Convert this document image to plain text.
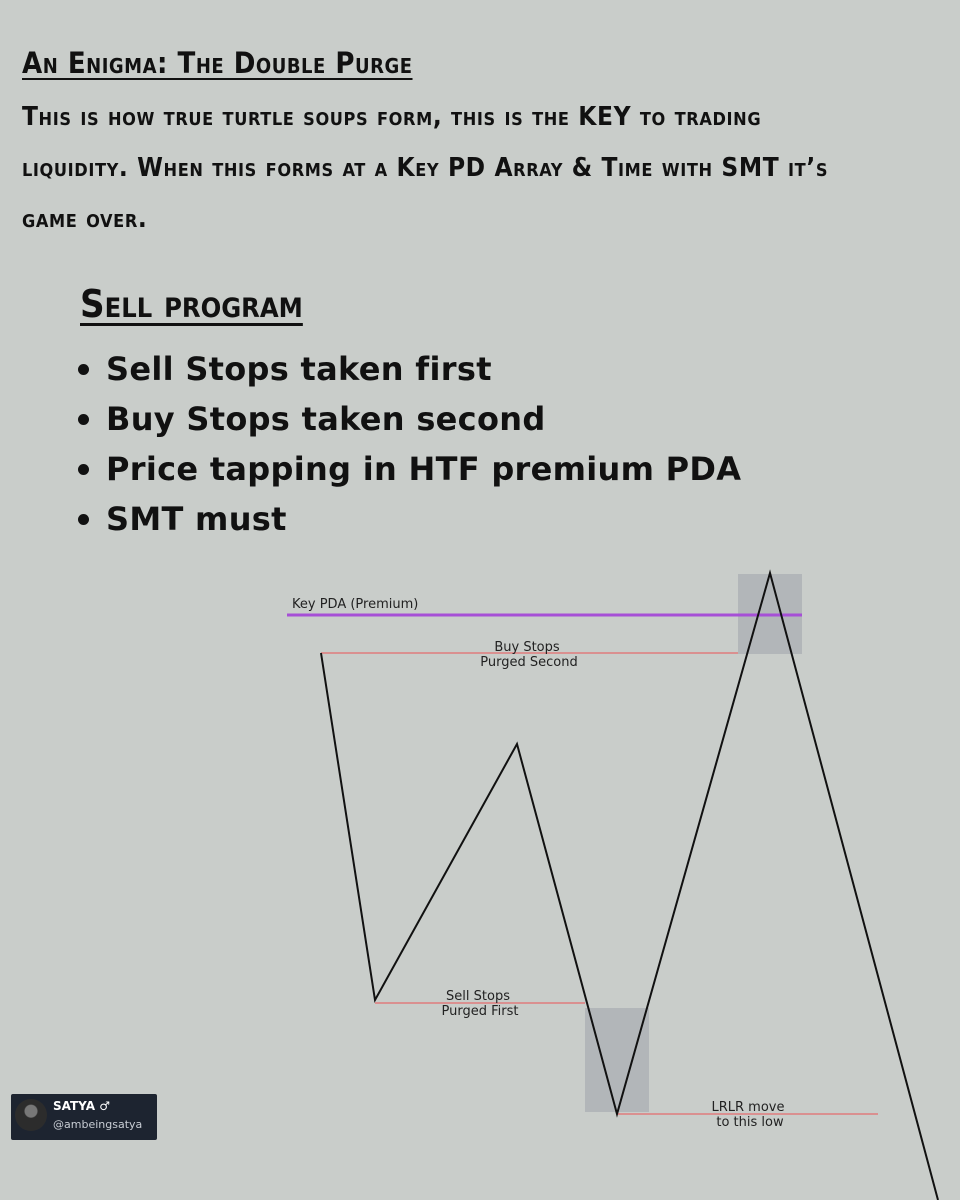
An Enigma: The Double Purge

This is how true turtle soups form, this is the KEY to trading
liquidity. When this forms at a Key PD Array & Time with SMT it’s
game over.

Sell program
Sell Stops taken first
Buy Stops taken second
Price tapping in HTF premium PDA
SMT must
Key PDA (Premium)
Buy Stops
Purged Second
Sell Stops
Purged First
LRLR move
to this low
SATYA ♂
@ambeingsatya
